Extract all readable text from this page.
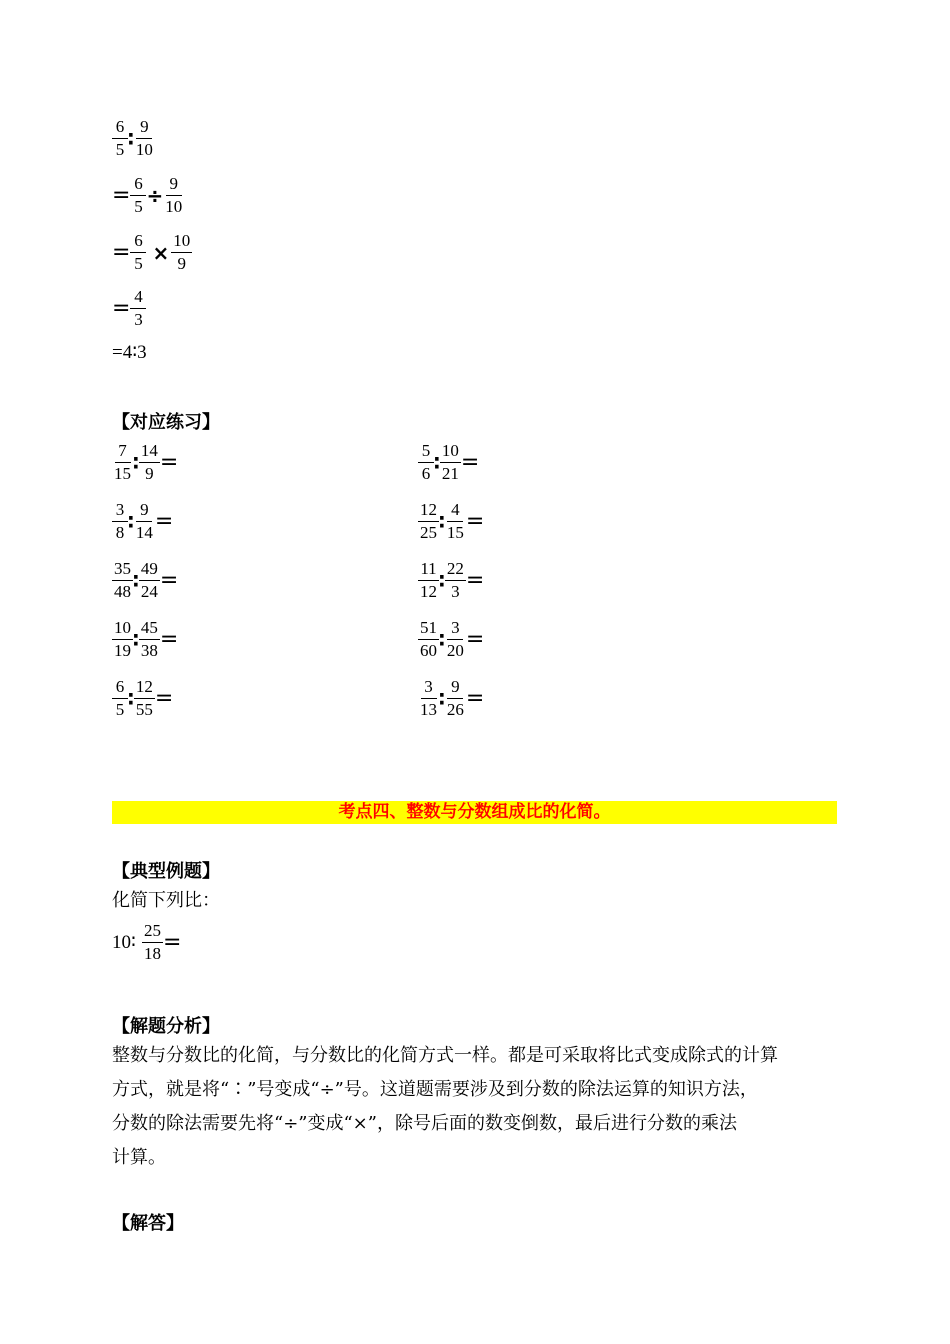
$\frac{6}{5}$ ∶ $\frac{9}{10}$
= $\frac{6}{5} \div \frac{9}{10}$
= $\frac{6}{5} \times \frac{10}{9}$
= $\frac{4}{3}$
=4∶3
【对应练习】
$\frac{7}{15}$ ∶ $\frac{14}{9}$ =
$\frac{3}{8}$ ∶ $\frac{9}{14}$ =
$\frac{35}{48}$ ∶ $\frac{49}{24}$ =
$\frac{10}{19}$ ∶ $\frac{45}{38}$ =
$\frac{6}{5}$ ∶ $\frac{12}{55}$ =
$\frac{5}{6}$ ∶ $\frac{10}{21}$ =
$\frac{12}{25}$ ∶ $\frac{4}{15}$ =
$\frac{11}{12}$ ∶ $\frac{22}{3}$ =
$\frac{51}{60}$ ∶ $\frac{3}{20}$ =
$\frac{3}{13}$ ∶ $\frac{9}{26}$ =
考点四、整数与分数组成比的化简。
【典型例题】
化简下列比：
10∶ $\frac{25}{18}$ =
【解题分析】
整数与分数比的化简，与分数比的化简方式一样。都是可采取将比式变成除式的计算
方式，就是将“∶”号变成“÷”号。这道题需要涉及到分数的除法运算的知识方法，
分数的除法需要先将“÷”变成“×”，除号后面的数变倒数，最后进行分数的乘法
计算。
【解答】
